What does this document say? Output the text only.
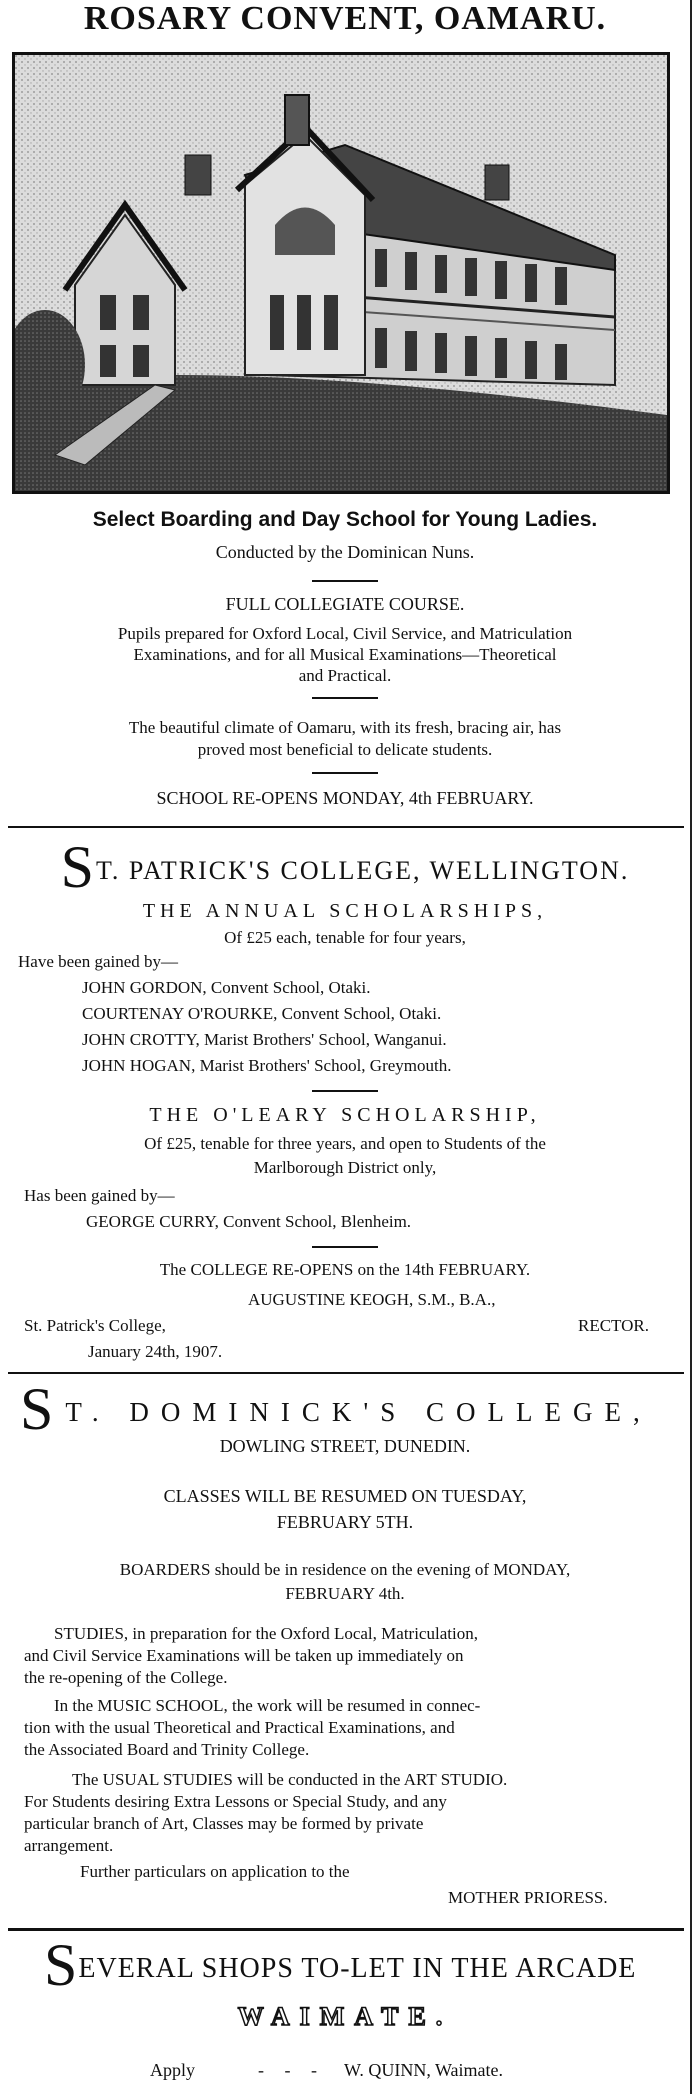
ROSARY CONVENT, OAMARU.
Select Boarding and Day School for Young Ladies.
Conducted by the Dominican Nuns.
FULL COLLEGIATE COURSE.
Pupils prepared for Oxford Local, Civil Service, and Matriculation
Examinations, and for all Musical Examinations—Theoretical
and Practical.
The beautiful climate of Oamaru, with its fresh, bracing air, has
proved most beneficial to delicate students.
SCHOOL RE-OPENS MONDAY, 4th FEBRUARY.
ST. PATRICK'S COLLEGE, WELLINGTON.
THE ANNUAL SCHOLARSHIPS,
Of £25 each, tenable for four years,
Have been gained by—
JOHN GORDON, Convent School, Otaki.
COURTENAY O'ROURKE, Convent School, Otaki.
JOHN CROTTY, Marist Brothers' School, Wanganui.
JOHN HOGAN, Marist Brothers' School, Greymouth.
THE O'LEARY SCHOLARSHIP,
Of £25, tenable for three years, and open to Students of the
Marlborough District only,
Has been gained by—
GEORGE CURRY, Convent School, Blenheim.
The COLLEGE RE-OPENS on the 14th FEBRUARY.
AUGUSTINE KEOGH, S.M., B.A.,
St. Patrick's College,	RECTOR.
January 24th, 1907.
ST. DOMINICK'S COLLEGE,
DOWLING STREET, DUNEDIN.
CLASSES WILL BE RESUMED ON TUESDAY,
FEBRUARY 5TH.
BOARDERS should be in residence on the evening of MONDAY,
FEBRUARY 4th.
STUDIES, in preparation for the Oxford Local, Matriculation,
and Civil Service Examinations will be taken up immediately on
the re-opening of the College.
In the MUSIC SCHOOL, the work will be resumed in connec-
tion with the usual Theoretical and Practical Examinations, and
the Associated Board and Trinity College.
The USUAL STUDIES will be conducted in the ART STUDIO.
For Students desiring Extra Lessons or Special Study, and any
particular branch of Art, Classes may be formed by private
arrangement.
Further particulars on application to the
MOTHER PRIORESS.
SEVERAL SHOPS TO-LET IN THE ARCADE
WAIMATE.
Apply	- - - W. QUINN, Waimate.
